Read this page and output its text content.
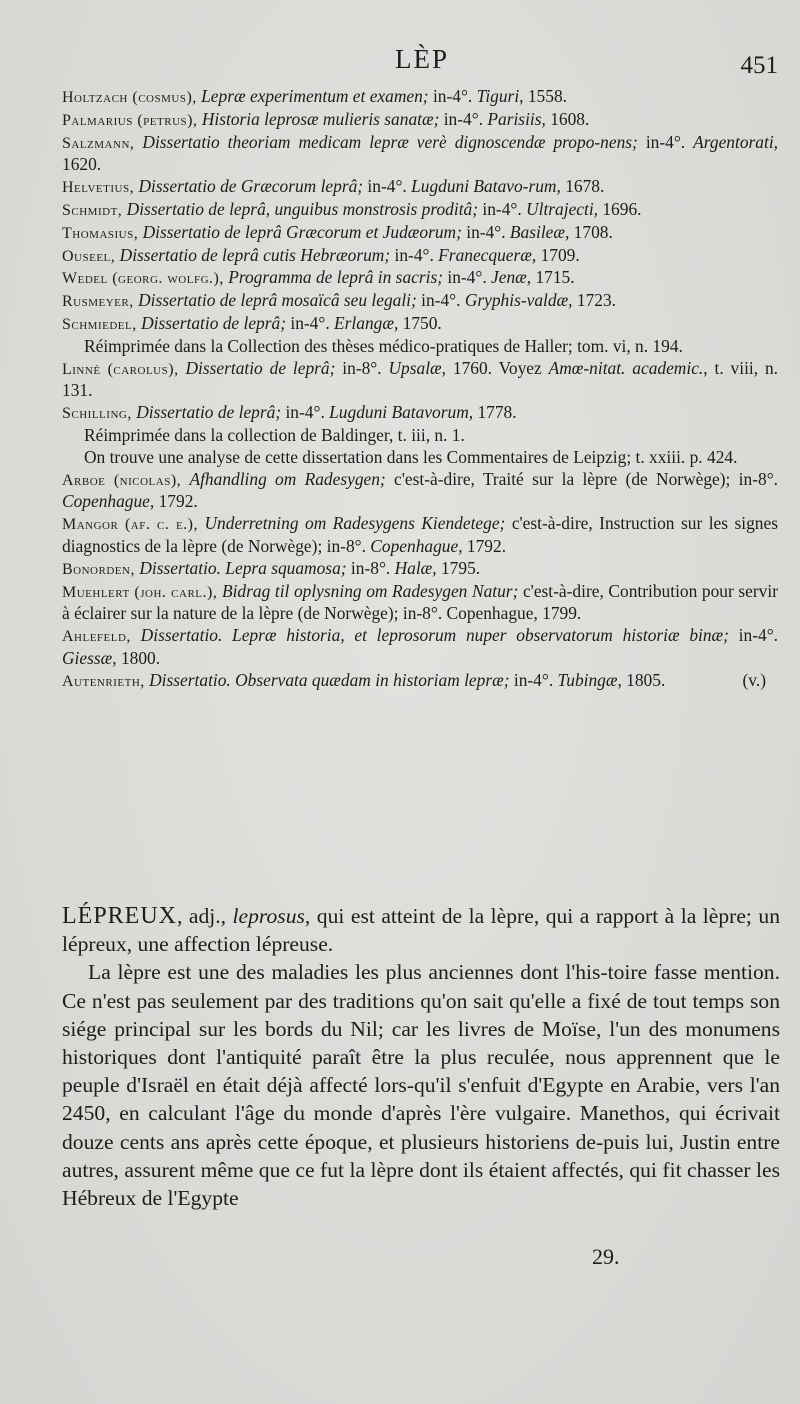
LÈP	451

Holtzach (cosmus), Lepræ experimentum et examen; in-4°. Tiguri, 1558.

Palmarius (petrus), Historia leprosæ mulieris sanatæ; in-4°. Parisiis, 1608.

Salzmann, Dissertatio theoriam medicam lepræ verè dignoscendæ propo-nens; in-4°. Argentorati, 1620.

Helvetius, Dissertatio de Græcorum leprâ; in-4°. Lugduni Batavo-rum, 1678.

Schmidt, Dissertatio de leprâ, unguibus monstrosis proditâ; in-4°. Ultrajecti, 1696.

Thomasius, Dissertatio de leprâ Græcorum et Judæorum; in-4°. Basileæ, 1708.

Ouseel, Dissertatio de leprâ cutis Hebræorum; in-4°. Franecqueræ, 1709.

Wedel (georg. wolfg.), Programma de leprâ in sacris; in-4°. Jenæ, 1715.

Rusmeyer, Dissertatio de leprâ mosaïcâ seu legali; in-4°. Gryphis-valdæ, 1723.

Schmiedel, Dissertatio de leprâ; in-4°. Erlangæ, 1750.

Réimprimée dans la Collection des thèses médico-pratiques de Haller; tom. vi, n. 194.

Linné (carolus), Dissertatio de leprâ; in-8°. Upsalæ, 1760. Voyez Amœ-nitat. academic., t. viii, n. 131.

Schilling, Dissertatio de leprâ; in-4°. Lugduni Batavorum, 1778.

Réimprimée dans la collection de Baldinger, t. iii, n. 1.

On trouve une analyse de cette dissertation dans les Commentaires de Leipzig; t. xxiii. p. 424.

Arboe (nicolas), Afhandling om Radesygen; c'est-à-dire, Traité sur la lèpre (de Norwège); in-8°. Copenhague, 1792.

Mangor (af. c. e.), Underretning om Radesygens Kiendetege; c'est-à-dire, Instruction sur les signes diagnostics de la lèpre (de Norwège); in-8°. Copenhague, 1792.

Bonorden, Dissertatio. Lepra squamosa; in-8°. Halæ, 1795.

Muehlert (joh. carl.), Bidrag til oplysning om Radesygen Natur; c'est-à-dire, Contribution pour servir à éclairer sur la nature de la lèpre (de Norwège); in-8°. Copenhague, 1799.

Ahlefeld, Dissertatio. Lepræ historia, et leprosorum nuper observatorum historiæ binæ; in-4°. Giessæ, 1800.

Autenrieth, Dissertatio. Observata quædam in historiam lepræ; in-4°. Tubingæ, 1805.	(v.)

LÉPREUX, adj., leprosus, qui est atteint de la lèpre, qui a rapport à la lèpre; un lépreux, une affection lépreuse.

La lèpre est une des maladies les plus anciennes dont l'his-toire fasse mention. Ce n'est pas seulement par des traditions qu'on sait qu'elle a fixé de tout temps son siége principal sur les bords du Nil; car les livres de Moïse, l'un des monumens historiques dont l'antiquité paraît être la plus reculée, nous apprennent que le peuple d'Israël en était déjà affecté lors-qu'il s'enfuit d'Egypte en Arabie, vers l'an 2450, en calculant l'âge du monde d'après l'ère vulgaire. Manethos, qui écrivait douze cents ans après cette époque, et plusieurs historiens de-puis lui, Justin entre autres, assurent même que ce fut la lèpre dont ils étaient affectés, qui fit chasser les Hébreux de l'Egypte

29.
